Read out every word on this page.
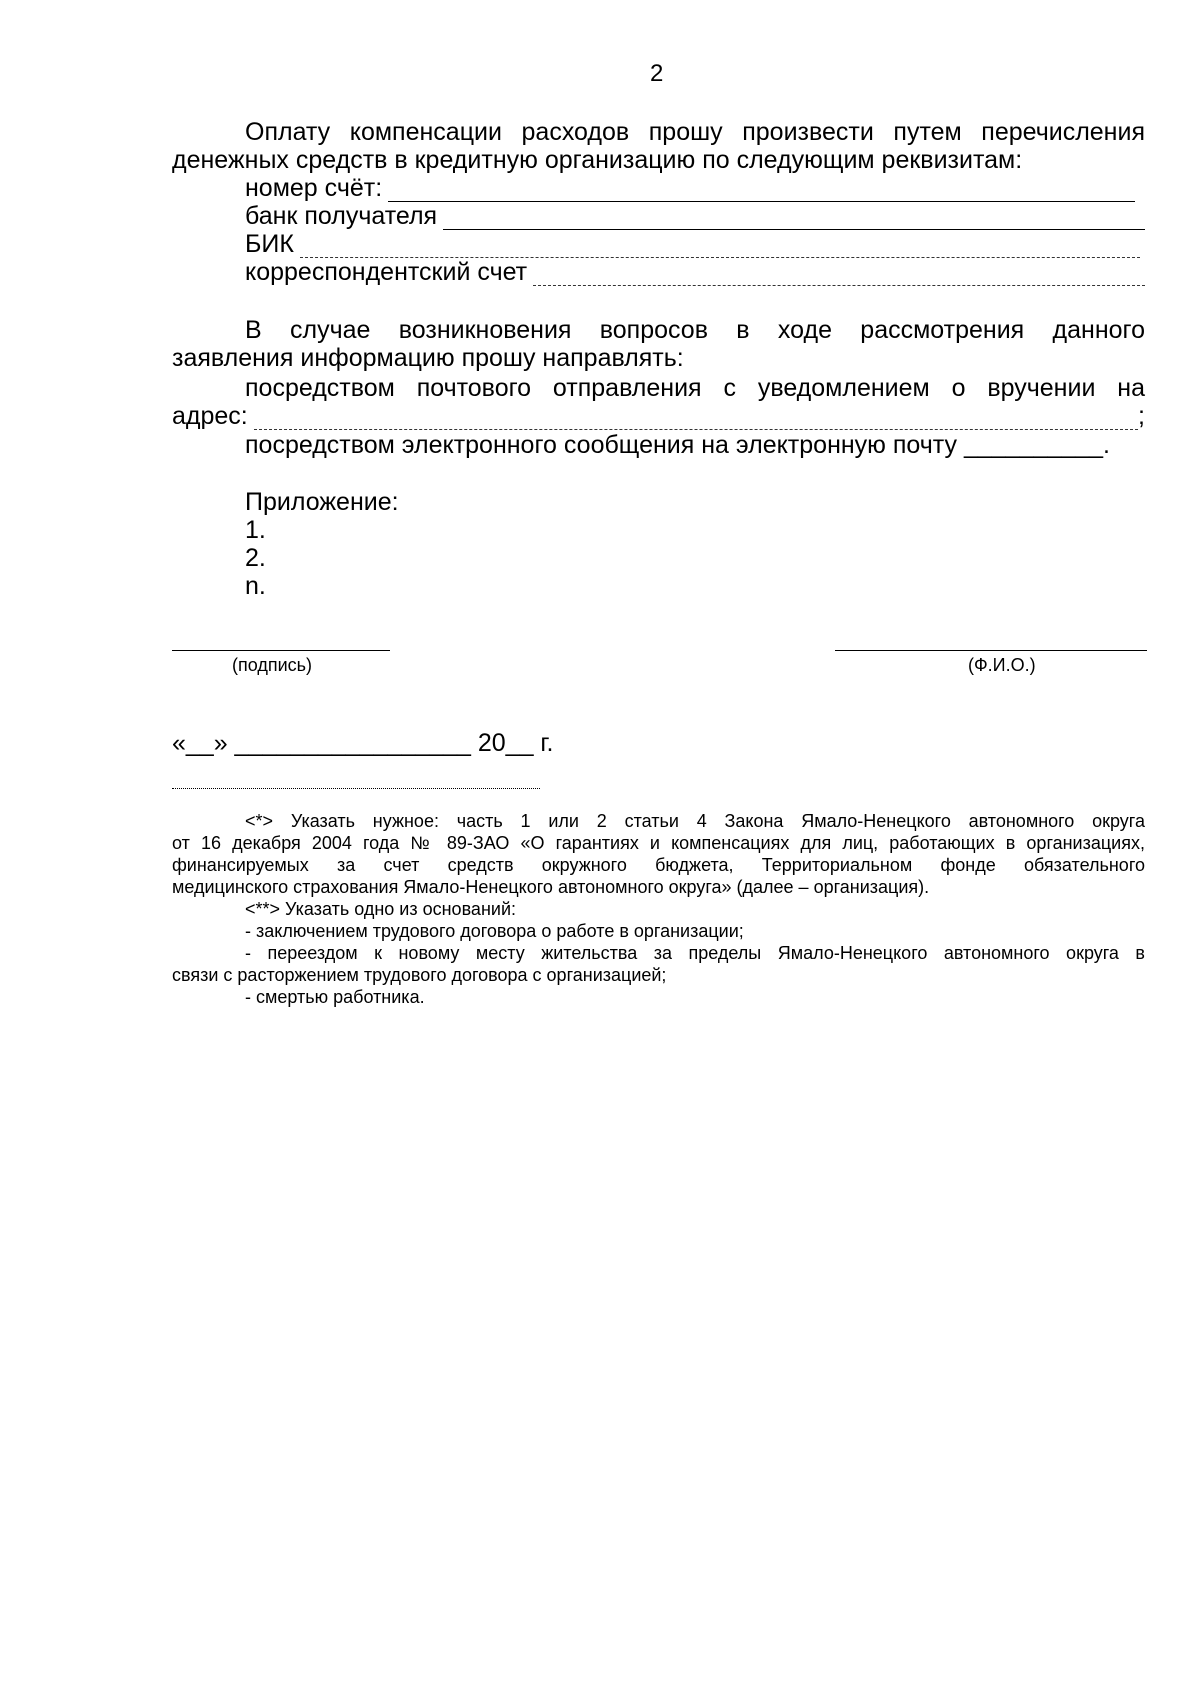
2
Оплату компенсации расходов прошу произвести путем перечисления
денежных средств в кредитную организацию по следующим реквизитам:
номер счёт:
банк получателя
БИК
корреспондентский счет
В случае возникновения вопросов в ходе рассмотрения данного
заявления информацию прошу направлять:
посредством почтового отправления с уведомлением о вручении на
адрес:	;
посредством электронного сообщения на электронную почту __________.
Приложение:
1.
2.
n.
(подпись)	(Ф.И.О.)
«__» _________________ 20__ г.
<*> Указать нужное: часть 1 или 2 статьи 4 Закона Ямало-Ненецкого автономного округа
от 16 декабря 2004 года № 89-ЗАО «О гарантиях и компенсациях для лиц, работающих в организациях,
финансируемых за счет средств окружного бюджета, Территориальном фонде обязательного
медицинского страхования Ямало-Ненецкого автономного округа» (далее – организация).
<**> Указать одно из оснований:
- заключением трудового договора о работе в организации;
- переездом к новому месту жительства за пределы Ямало-Ненецкого автономного округа в
связи с расторжением трудового договора с организацией;
- смертью работника.
